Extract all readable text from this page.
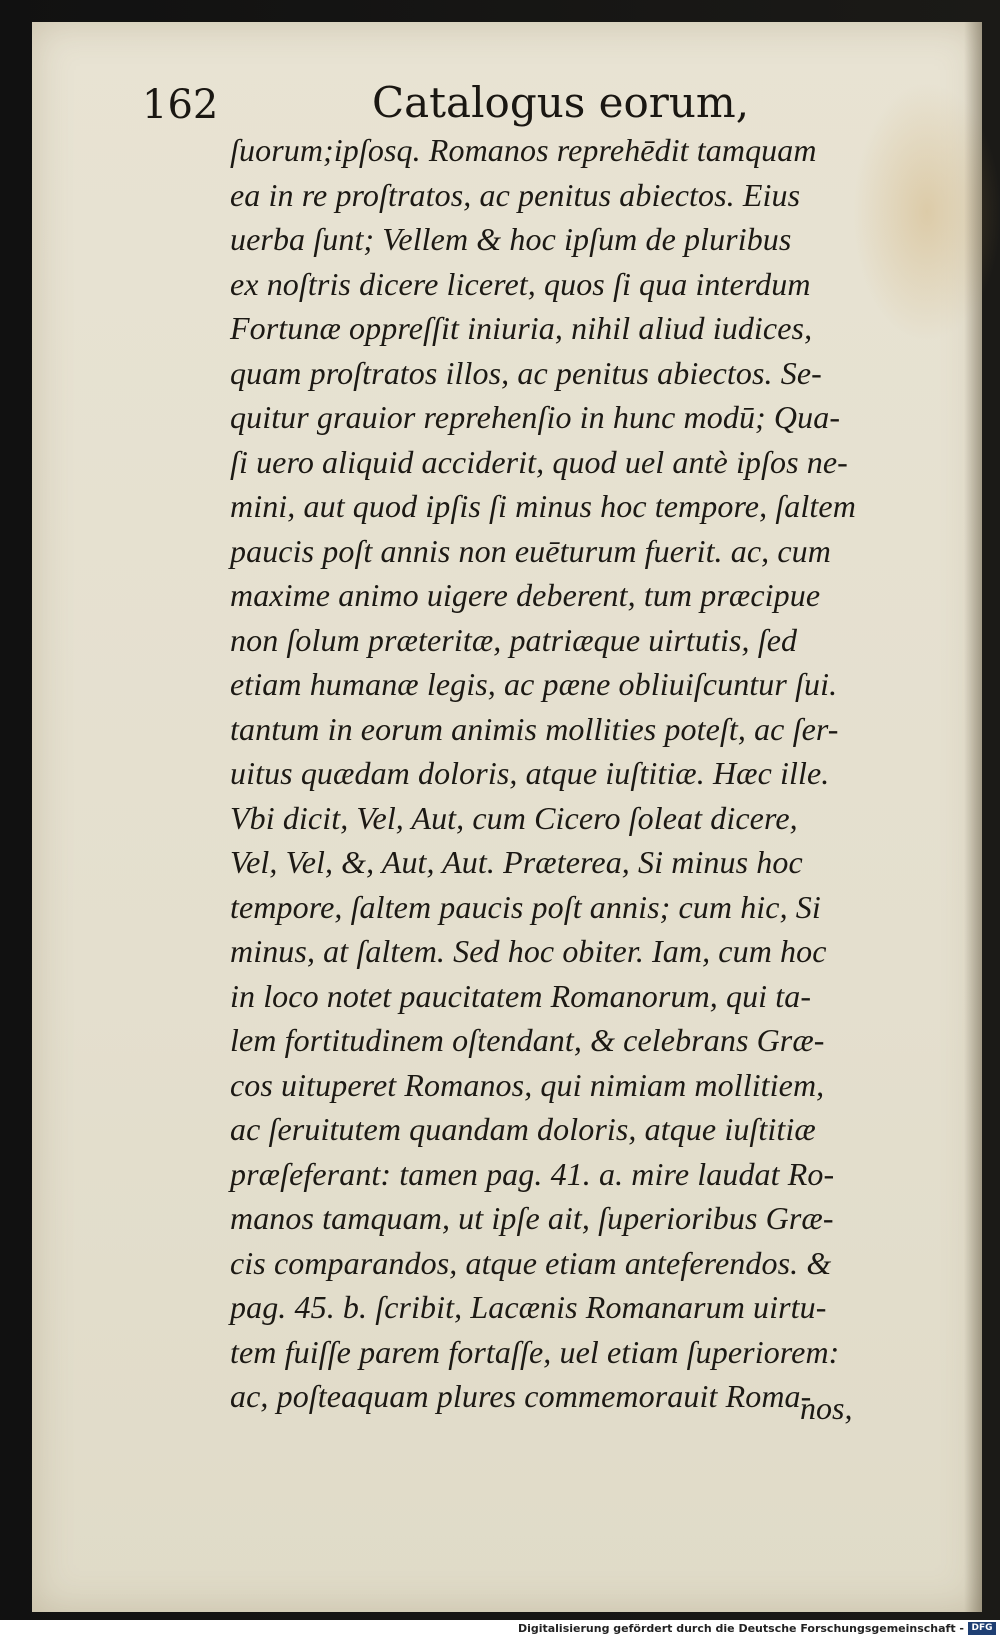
162	Catalogus eorum,
ſuorum;ipſosq. Romanos reprehēdit tamquam
ea in re proſtratos, ac penitus abiectos. Eius
uerba ſunt; Vellem & hoc ipſum de pluribus
ex noſtris dicere liceret, quos ſi qua interdum
Fortunæ oppreſſit iniuria, nihil aliud iudices,
quam proſtratos illos, ac penitus abiectos. Se-
quitur grauior reprehenſio in hunc modū; Qua-
ſi uero aliquid acciderit, quod uel antè ipſos ne-
mini, aut quod ipſis ſi minus hoc tempore, ſaltem
paucis poſt annis non euēturum fuerit. ac, cum
maxime animo uigere deberent, tum præcipue
non ſolum præteritæ, patriæque uirtutis, ſed
etiam humanæ legis, ac pæne obliuiſcuntur ſui.
tantum in eorum animis mollities poteſt, ac ſer-
uitus quædam doloris, atque iuſtitiæ. Hæc ille.
Vbi dicit, Vel, Aut, cum Cicero ſoleat dicere,
Vel, Vel, &, Aut, Aut. Præterea, Si minus hoc
tempore, ſaltem paucis poſt annis; cum hic, Si
minus, at ſaltem. Sed hoc obiter. Iam, cum hoc
in loco notet paucitatem Romanorum, qui ta-
lem fortitudinem oſtendant, & celebrans Græ-
cos uituperet Romanos, qui nimiam mollitiem,
ac ſeruitutem quandam doloris, atque iuſtitiæ
præſeferant: tamen pag. 41. a. mire laudat Ro-
manos tamquam, ut ipſe ait, ſuperioribus Græ-
cis comparandos, atque etiam anteferendos. &
pag. 45. b. ſcribit, Lacænis Romanarum uirtu-
tem fuiſſe parem fortaſſe, uel etiam ſuperiorem:
ac, poſteaquam plures commemorauit Roma-
nos,
Digitalisierung gefördert durch die Deutsche Forschungsgemeinschaft - DFG
